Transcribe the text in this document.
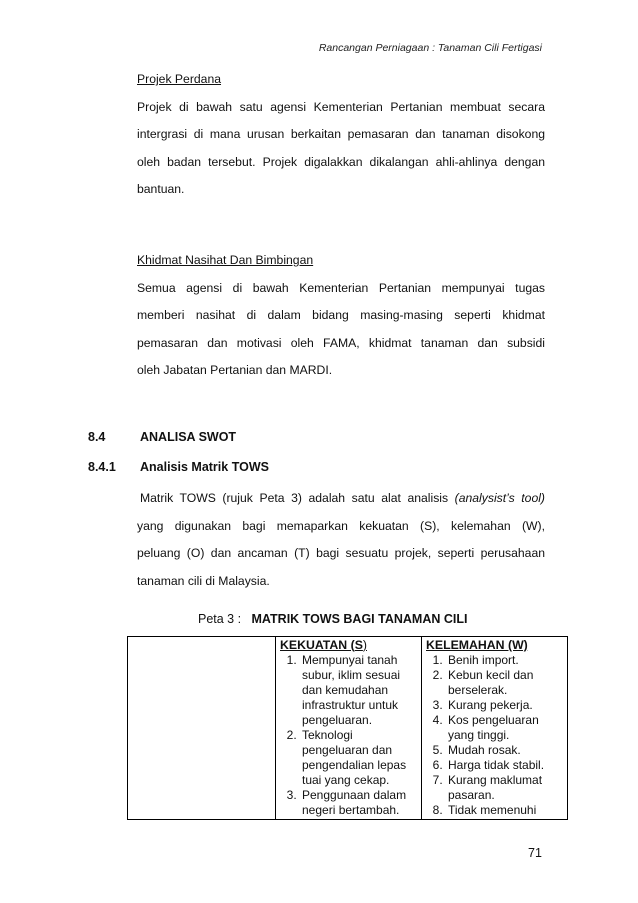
Rancangan Perniagaan : Tanaman Cili Fertigasi
Projek Perdana
Projek di bawah satu agensi Kementerian Pertanian membuat secara
intergrasi di mana urusan berkaitan pemasaran dan tanaman disokong
oleh badan tersebut. Projek digalakkan dikalangan ahli-ahlinya dengan
bantuan.
Khidmat Nasihat Dan Bimbingan
Semua agensi di bawah Kementerian Pertanian mempunyai tugas
memberi nasihat di dalam bidang masing-masing seperti khidmat
pemasaran dan motivasi oleh FAMA, khidmat tanaman dan subsidi
oleh Jabatan Pertanian dan MARDI.
8.4	ANALISA SWOT
8.4.1 Analisis Matrik TOWS
Matrik TOWS (rujuk Peta 3) adalah satu alat analisis (analysist’s tool)
yang digunakan bagi memaparkan kekuatan (S), kelemahan (W),
peluang (O) dan ancaman (T) bagi sesuatu projek, seperti perusahaan
tanaman cili di Malaysia.
Peta 3 : MATRIK TOWS BAGI TANAMAN CILI

KEKUATAN (S)
1. Mempunyai tanah subur, iklim sesuai dan kemudahan infrastruktur untuk pengeluaran.
2. Teknologi pengeluaran dan pengendalian lepas tuai yang cekap.
3. Penggunaan dalam negeri bertambah.

KELEMAHAN (W)
1. Benih import.
2. Kebun kecil dan berselerak.
3. Kurang pekerja.
4. Kos pengeluaran yang tinggi.
5. Mudah rosak.
6. Harga tidak stabil.
7. Kurang maklumat pasaran.
8. Tidak memenuhi
71
